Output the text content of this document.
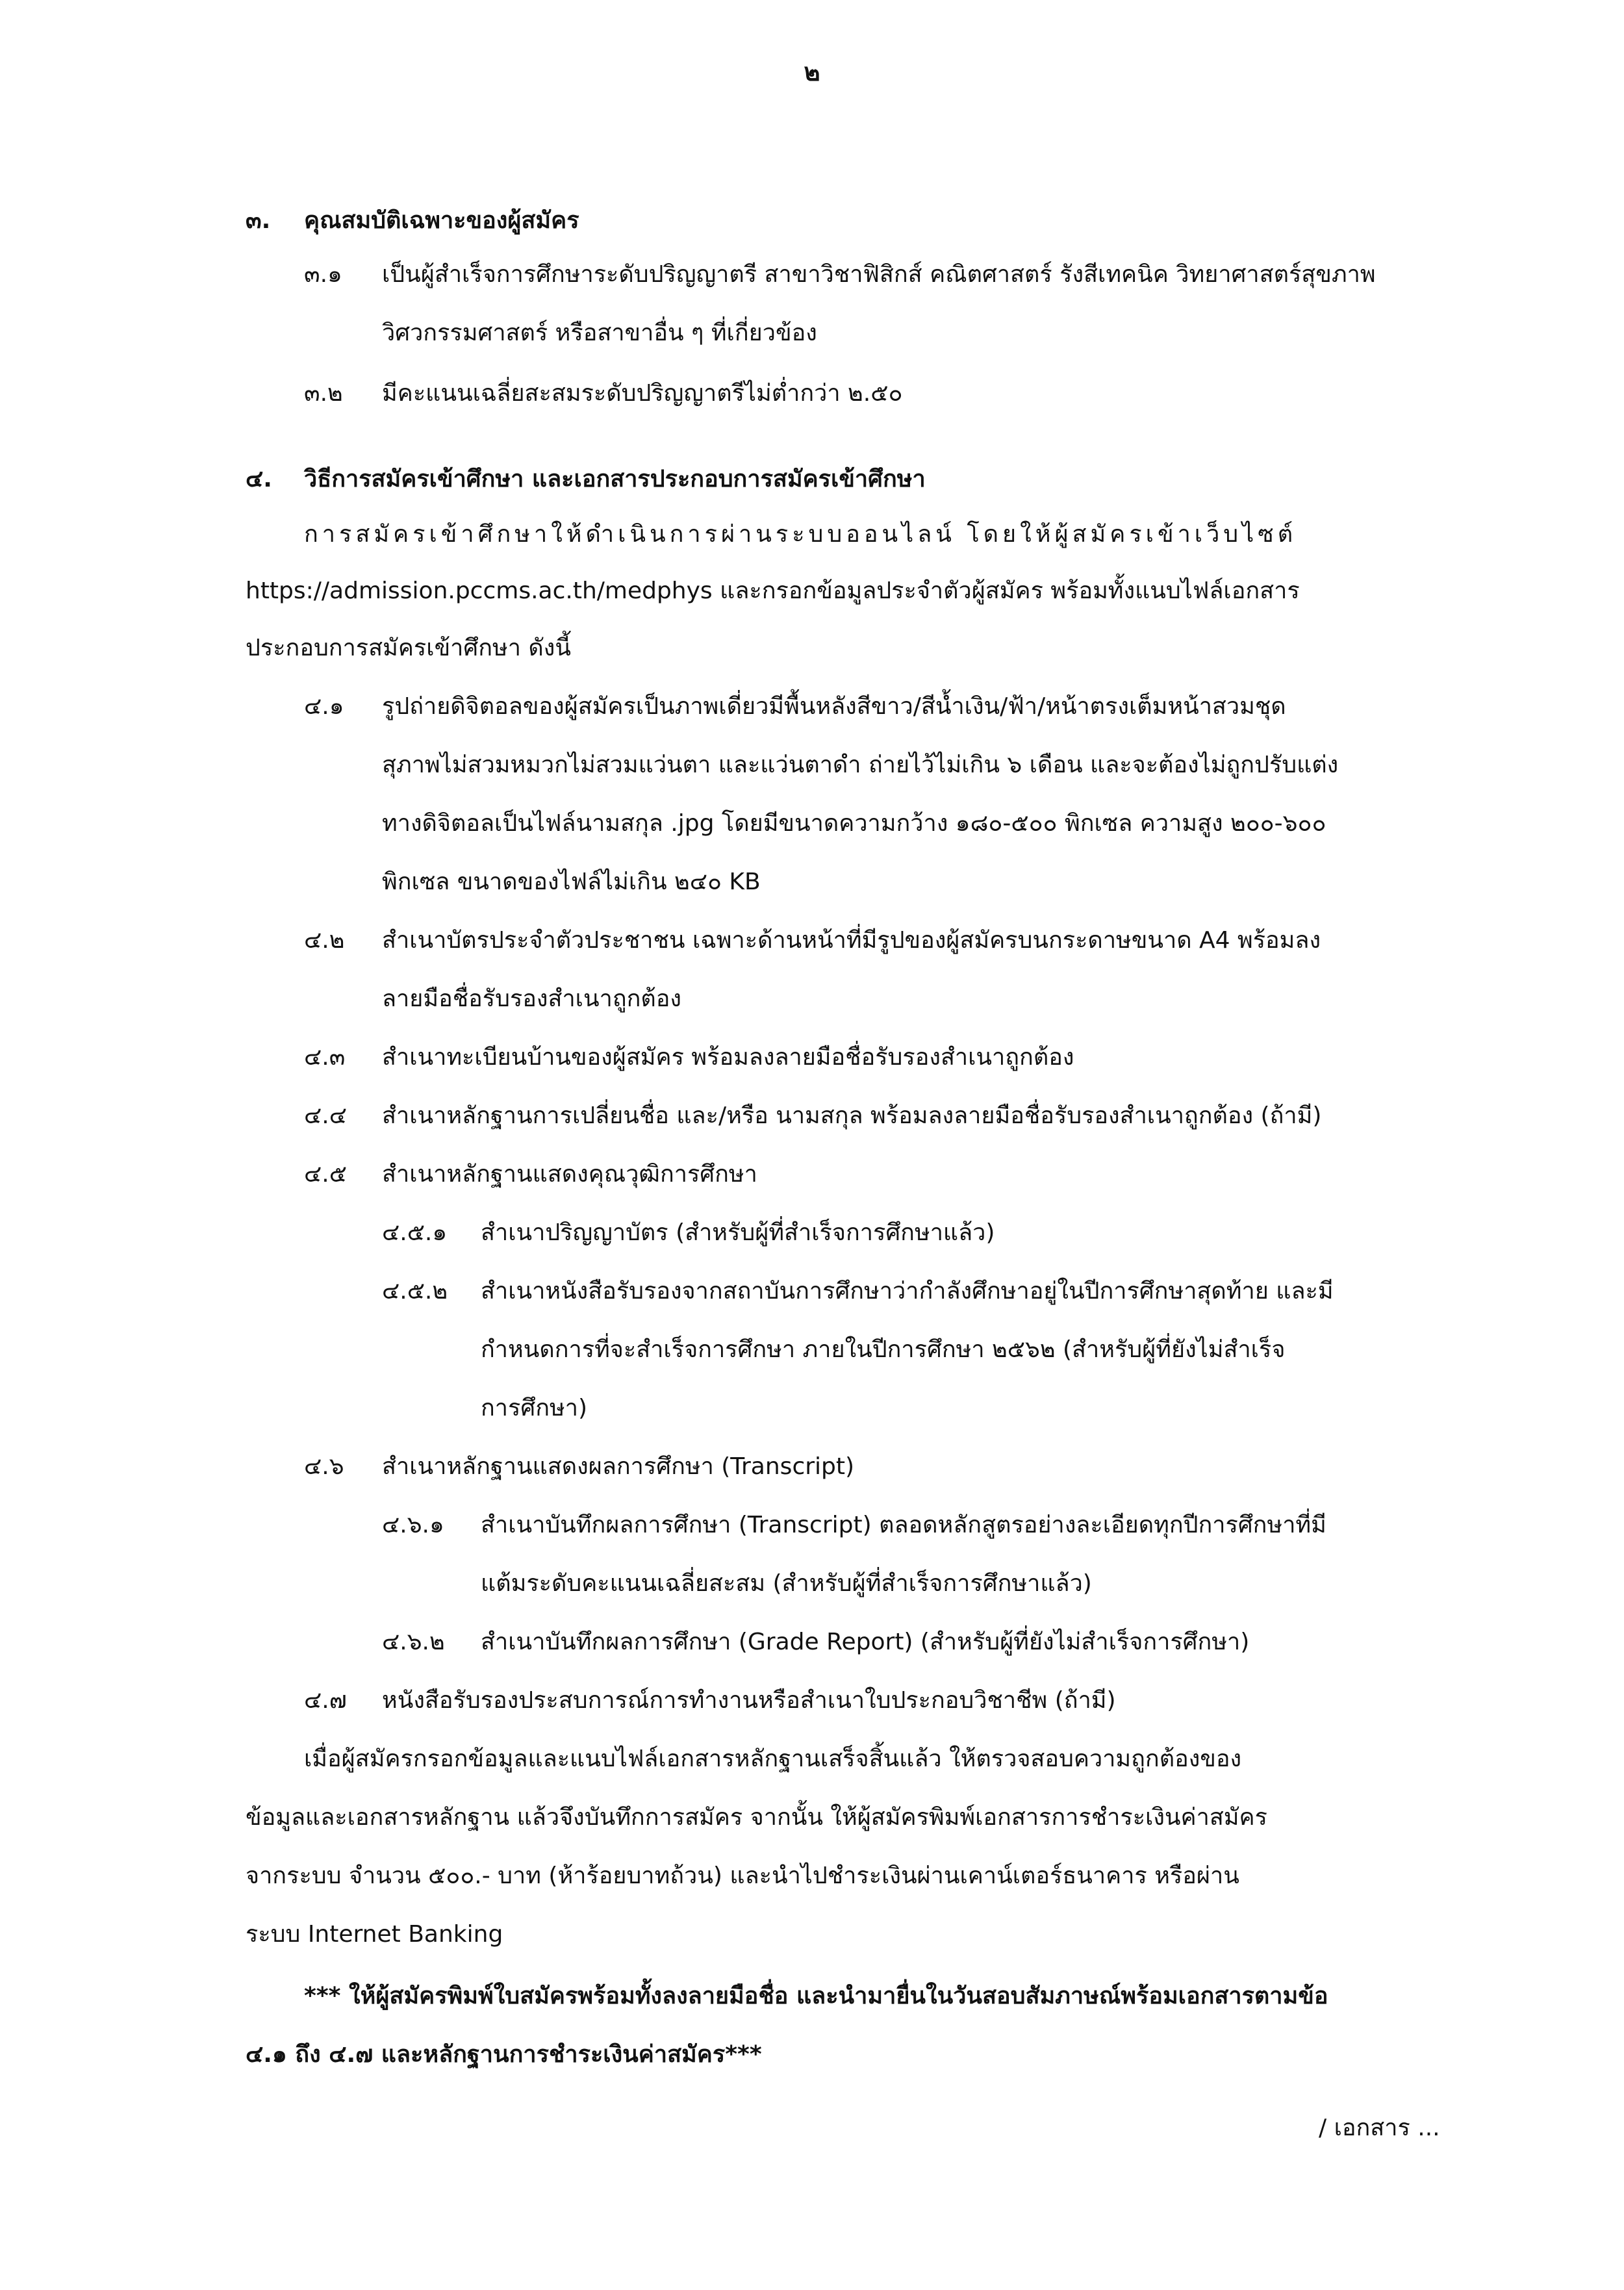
๒
๓. คุณสมบัติเฉพาะของผู้สมัคร
๓.๑ เป็นผู้สำเร็จการศึกษาระดับปริญญาตรี สาขาวิชาฟิสิกส์ คณิตศาสตร์ รังสีเทคนิค วิทยาศาสตร์สุขภาพ
วิศวกรรมศาสตร์ หรือสาขาอื่น ๆ ที่เกี่ยวข้อง
๓.๒ มีคะแนนเฉลี่ยสะสมระดับปริญญาตรีไม่ต่ำกว่า ๒.๕๐
๔. วิธีการสมัครเข้าศึกษา และเอกสารประกอบการสมัครเข้าศึกษา
การสมัครเข้าศึกษาให้ดำเนินการผ่านระบบออนไลน์ โดยให้ผู้สมัครเข้าเว็บไซต์
https://admission.pccms.ac.th/medphys และกรอกข้อมูลประจำตัวผู้สมัคร พร้อมทั้งแนบไฟล์เอกสาร
ประกอบการสมัครเข้าศึกษา ดังนี้
๔.๑ รูปถ่ายดิจิตอลของผู้สมัครเป็นภาพเดี่ยวมีพื้นหลังสีขาว/สีน้ำเงิน/ฟ้า/หน้าตรงเต็มหน้าสวมชุด
สุภาพไม่สวมหมวกไม่สวมแว่นตา และแว่นตาดำ ถ่ายไว้ไม่เกิน ๖ เดือน และจะต้องไม่ถูกปรับแต่ง
ทางดิจิตอลเป็นไฟล์นามสกุล .jpg โดยมีขนาดความกว้าง ๑๘๐-๕๐๐ พิกเซล ความสูง ๒๐๐-๖๐๐
พิกเซล ขนาดของไฟล์ไม่เกิน ๒๔๐ KB
๔.๒ สำเนาบัตรประจำตัวประชาชน เฉพาะด้านหน้าที่มีรูปของผู้สมัครบนกระดาษขนาด A4 พร้อมลง
ลายมือชื่อรับรองสำเนาถูกต้อง
๔.๓ สำเนาทะเบียนบ้านของผู้สมัคร พร้อมลงลายมือชื่อรับรองสำเนาถูกต้อง
๔.๔ สำเนาหลักฐานการเปลี่ยนชื่อ และ/หรือ นามสกุล พร้อมลงลายมือชื่อรับรองสำเนาถูกต้อง (ถ้ามี)
๔.๕ สำเนาหลักฐานแสดงคุณวุฒิการศึกษา
๔.๕.๑ สำเนาปริญญาบัตร (สำหรับผู้ที่สำเร็จการศึกษาแล้ว)
๔.๕.๒ สำเนาหนังสือรับรองจากสถาบันการศึกษาว่ากำลังศึกษาอยู่ในปีการศึกษาสุดท้าย และมี
กำหนดการที่จะสำเร็จการศึกษา ภายในปีการศึกษา ๒๕๖๒ (สำหรับผู้ที่ยังไม่สำเร็จ
การศึกษา)
๔.๖ สำเนาหลักฐานแสดงผลการศึกษา (Transcript)
๔.๖.๑ สำเนาบันทึกผลการศึกษา (Transcript) ตลอดหลักสูตรอย่างละเอียดทุกปีการศึกษาที่มี
แต้มระดับคะแนนเฉลี่ยสะสม (สำหรับผู้ที่สำเร็จการศึกษาแล้ว)
๔.๖.๒ สำเนาบันทึกผลการศึกษา (Grade Report) (สำหรับผู้ที่ยังไม่สำเร็จการศึกษา)
๔.๗ หนังสือรับรองประสบการณ์การทำงานหรือสำเนาใบประกอบวิชาชีพ (ถ้ามี)
เมื่อผู้สมัครกรอกข้อมูลและแนบไฟล์เอกสารหลักฐานเสร็จสิ้นแล้ว ให้ตรวจสอบความถูกต้องของ
ข้อมูลและเอกสารหลักฐาน แล้วจึงบันทึกการสมัคร จากนั้น ให้ผู้สมัครพิมพ์เอกสารการชำระเงินค่าสมัคร
จากระบบ จำนวน ๕๐๐.- บาท (ห้าร้อยบาทถ้วน) และนำไปชำระเงินผ่านเคาน์เตอร์ธนาคาร หรือผ่าน
ระบบ Internet Banking
*** ให้ผู้สมัครพิมพ์ใบสมัครพร้อมทั้งลงลายมือชื่อ และนำมายื่นในวันสอบสัมภาษณ์พร้อมเอกสารตามข้อ
๔.๑ ถึง ๔.๗ และหลักฐานการชำระเงินค่าสมัคร***
/ เอกสาร ...
